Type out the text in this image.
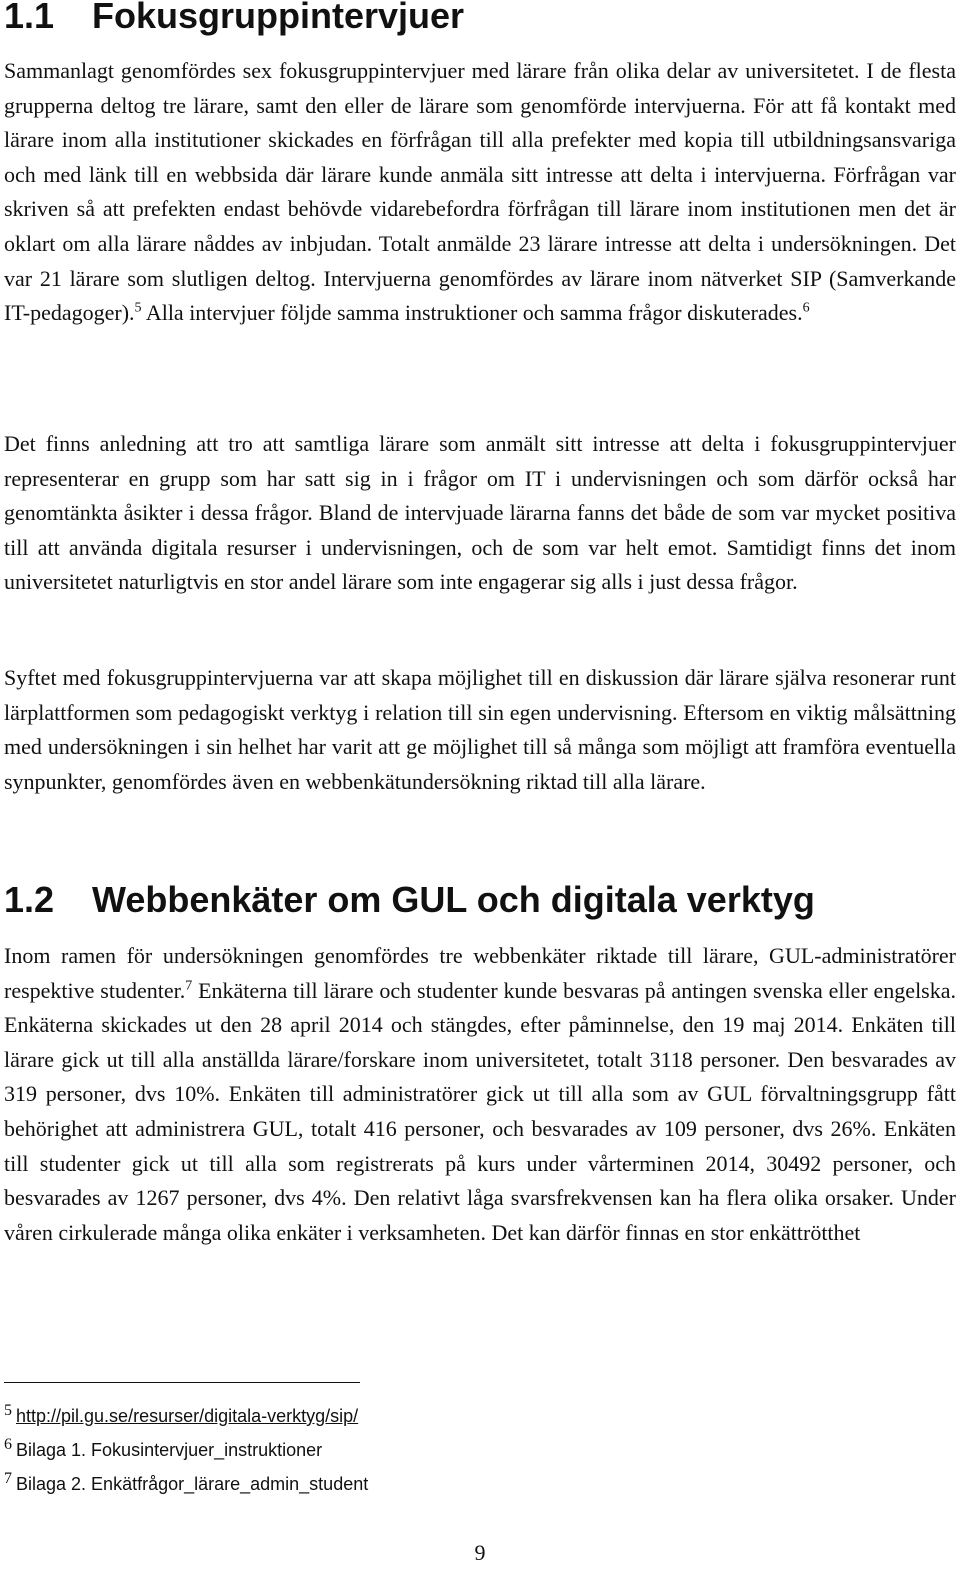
1.1 Fokusgruppintervjuer

Sammanlagt genomfördes sex fokusgruppintervjuer med lärare från olika delar av universitetet. I de flesta grupperna deltog tre lärare, samt den eller de lärare som genomförde intervjuerna. För att få kontakt med lärare inom alla institutioner skickades en förfrågan till alla prefekter med kopia till utbildningsansvariga och med länk till en webbsida där lärare kunde anmäla sitt intresse att delta i intervjuerna. Förfrågan var skriven så att prefekten endast behövde vidarebefordra förfrågan till lärare inom institutionen men det är oklart om alla lärare nåddes av inbjudan. Totalt anmälde 23 lärare intresse att delta i undersökningen. Det var 21 lärare som slutligen deltog. Intervjuerna genomfördes av lärare inom nätverket SIP (Samverkande IT-pedagoger).$^5$ Alla intervjuer följde samma instruktioner och samma frågor diskuterades.$^6$

Det finns anledning att tro att samtliga lärare som anmält sitt intresse att delta i fokusgruppintervjuer representerar en grupp som har satt sig in i frågor om IT i undervisningen och som därför också har genomtänkta åsikter i dessa frågor. Bland de intervjuade lärarna fanns det både de som var mycket positiva till att använda digitala resurser i undervisningen, och de som var helt emot. Samtidigt finns det inom universitetet naturligtvis en stor andel lärare som inte engagerar sig alls i just dessa frågor.

Syftet med fokusgruppintervjuerna var att skapa möjlighet till en diskussion där lärare själva resonerar runt lärplattformen som pedagogiskt verktyg i relation till sin egen undervisning. Eftersom en viktig målsättning med undersökningen i sin helhet har varit att ge möjlighet till så många som möjligt att framföra eventuella synpunkter, genomfördes även en webbenkätundersökning riktad till alla lärare.

1.2 Webbenkäter om GUL och digitala verktyg

Inom ramen för undersökningen genomfördes tre webbenkäter riktade till lärare, GUL-administratörer respektive studenter.$^7$ Enkäterna till lärare och studenter kunde besvaras på antingen svenska eller engelska. Enkäterna skickades ut den 28 april 2014 och stängdes, efter påminnelse, den 19 maj 2014. Enkäten till lärare gick ut till alla anställda lärare/forskare inom universitetet, totalt 3118 personer. Den besvarades av 319 personer, dvs 10%. Enkäten till administratörer gick ut till alla som av GUL förvaltningsgrupp fått behörighet att administrera GUL, totalt 416 personer, och besvarades av 109 personer, dvs 26%. Enkäten till studenter gick ut till alla som registrerats på kurs under vårterminen 2014, 30492 personer, och besvarades av 1267 personer, dvs 4%. Den relativt låga svarsfrekvensen kan ha flera olika orsaker. Under våren cirkulerade många olika enkäter i verksamheten. Det kan därför finnas en stor enkättrötthet

5 http://pil.gu.se/resurser/digitala-verktyg/sip/
6 Bilaga 1. Fokusintervjuer_instruktioner
7 Bilaga 2. Enkätfrågor_lärare_admin_student
9
